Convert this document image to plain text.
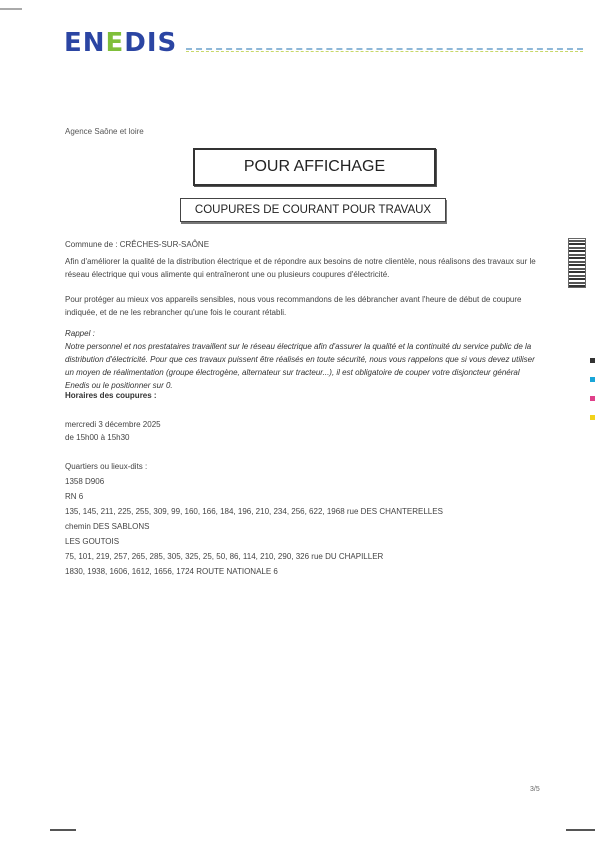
ENEDIS
Agence Saône et loire
POUR AFFICHAGE
COUPURES DE COURANT POUR TRAVAUX
Commune de : CRÊCHES-SUR-SAÔNE
Afin d'améliorer la qualité de la distribution électrique et de répondre aux besoins de notre clientèle, nous réalisons des travaux sur le réseau électrique qui vous alimente qui entraîneront une ou plusieurs coupures d'électricité.
Pour protéger au mieux vos appareils sensibles, nous vous recommandons de les débrancher avant l'heure de début de coupure indiquée, et de ne les rebrancher qu'une fois le courant rétabli.
Rappel :
Notre personnel et nos prestataires travaillent sur le réseau électrique afin d'assurer la qualité et la continuité du service public de la distribution d'électricité. Pour que ces travaux puissent être réalisés en toute sécurité, nous vous rappelons que si vous devez utiliser un moyen de réalimentation (groupe électrogène, alternateur sur tracteur...), il est obligatoire de couper votre disjoncteur général Enedis ou le positionner sur 0.
Horaires des coupures :
mercredi 3 décembre 2025
de 15h00 à 15h30
Quartiers ou lieux-dits :
1358 D906
RN 6
135, 145, 211, 225, 255, 309, 99, 160, 166, 184, 196, 210, 234, 256, 622, 1968 rue DES CHANTERELLES
chemin DES SABLONS
LES GOUTOIS
75, 101, 219, 257, 265, 285, 305, 325, 25, 50, 86, 114, 210, 290, 326 rue DU CHAPILLER
1830, 1938, 1606, 1612, 1656, 1724 ROUTE NATIONALE 6
3/5
